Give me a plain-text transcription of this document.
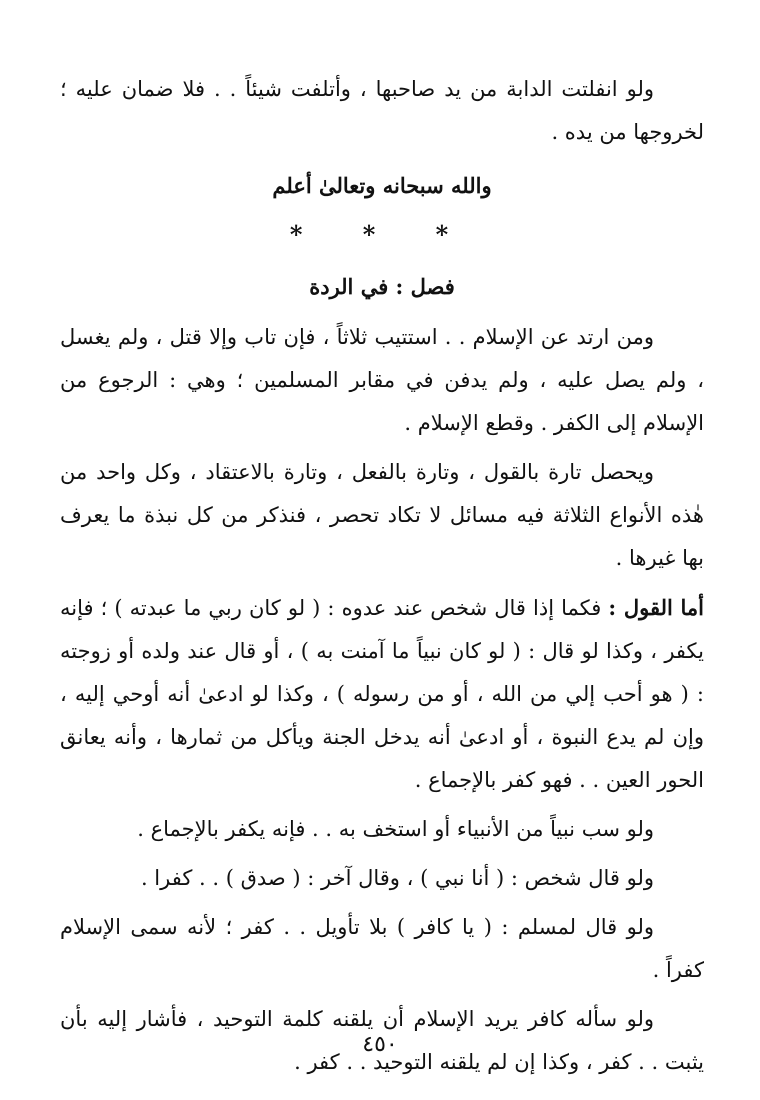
ولو انفلتت الدابة من يد صاحبها ، وأتلفت شيئاً . . فلا ضمان عليه ؛ لخروجها من يده .

والله سبحانه وتعالىٰ أعلم
* * *
فصل : في الردة

ومن ارتد عن الإسلام . . استتيب ثلاثاً ، فإن تاب وإلا قتل ، ولم يغسل ، ولم يصل عليه ، ولم يدفن في مقابر المسلمين ؛ وهي : الرجوع من الإسلام إلى الكفر . وقطع الإسلام .

ويحصل تارة بالقول ، وتارة بالفعل ، وتارة بالاعتقاد ، وكل واحد من هٰذه الأنواع الثلاثة فيه مسائل لا تكاد تحصر ، فنذكر من كل نبذة ما يعرف بها غيرها .

أما القول : فكما إذا قال شخص عند عدوه : ( لو كان ربي ما عبدته ) ؛ فإنه يكفر ، وكذا لو قال : ( لو كان نبياً ما آمنت به ) ، أو قال عند ولده أو زوجته : ( هو أحب إلي من الله ، أو من رسوله ) ، وكذا لو ادعىٰ أنه أوحي إليه ، وإن لم يدع النبوة ، أو ادعىٰ أنه يدخل الجنة ويأكل من ثمارها ، وأنه يعانق الحور العين . . فهو كفر بالإجماع .

ولو سب نبياً من الأنبياء أو استخف به . . فإنه يكفر بالإجماع .

ولو قال شخص : ( أنا نبي ) ، وقال آخر : ( صدق ) . . كفرا .

ولو قال لمسلم : ( يا كافر ) بلا تأويل . . كفر ؛ لأنه سمى الإسلام كفراً .

ولو سأله كافر يريد الإسلام أن يلقنه كلمة التوحيد ، فأشار إليه بأن يثبت . . كفر ، وكذا إن لم يلقنه التوحيد . . كفر .

٤٥٠
